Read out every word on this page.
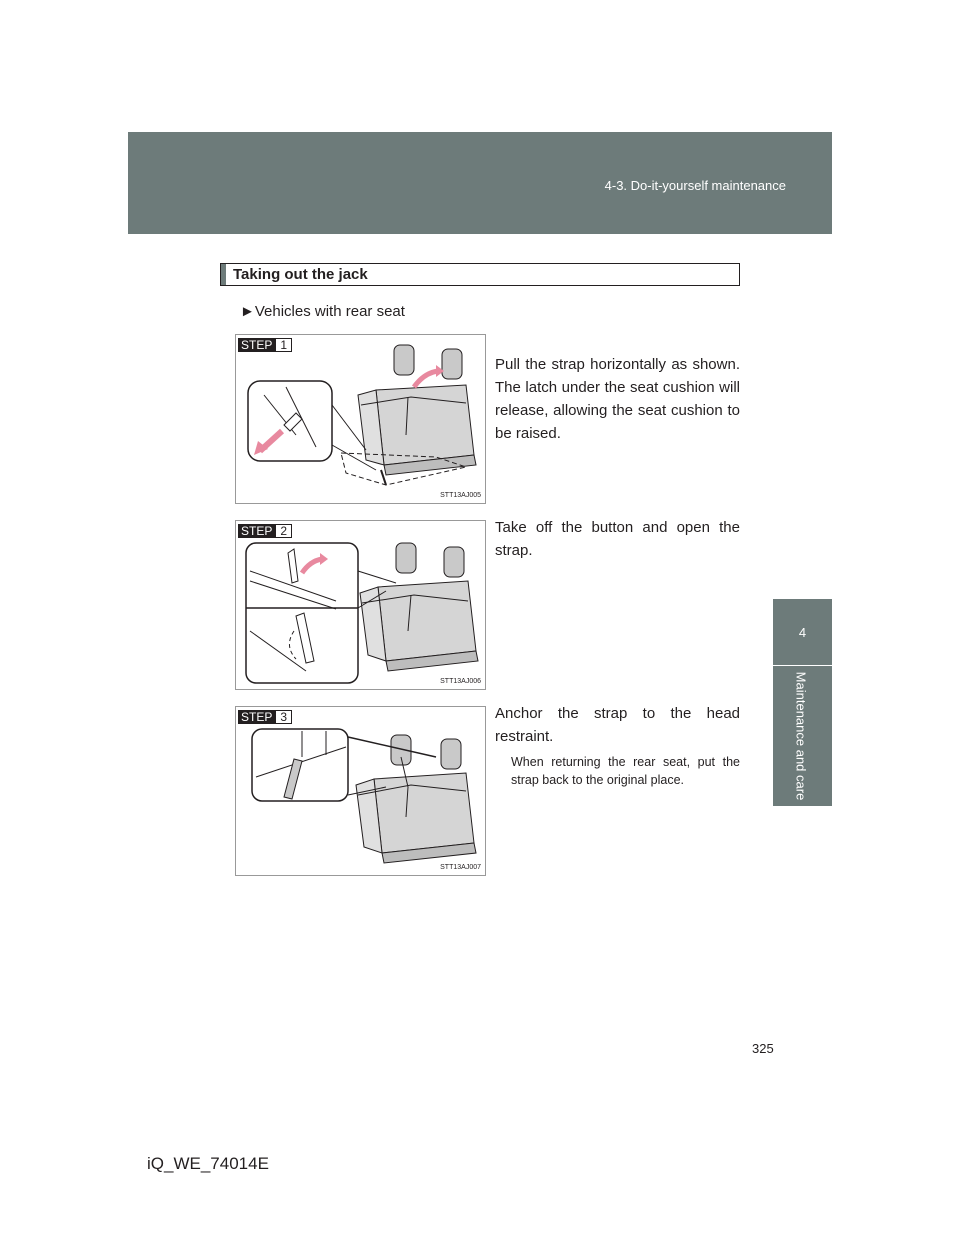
4-3. Do-it-yourself maintenance
4
Maintenance and care
Taking out the jack
►Vehicles with rear seat
STEP 1
STT13AJ005
Pull the strap horizontally as shown. The latch under the seat cushion will release, allowing the seat cushion to be raised.
STEP 2
STT13AJ006
Take off the button and open the strap.
STEP 3
STT13AJ007
Anchor the strap to the head restraint.
When returning the rear seat, put the strap back to the original place.
325
iQ_WE_74014E
